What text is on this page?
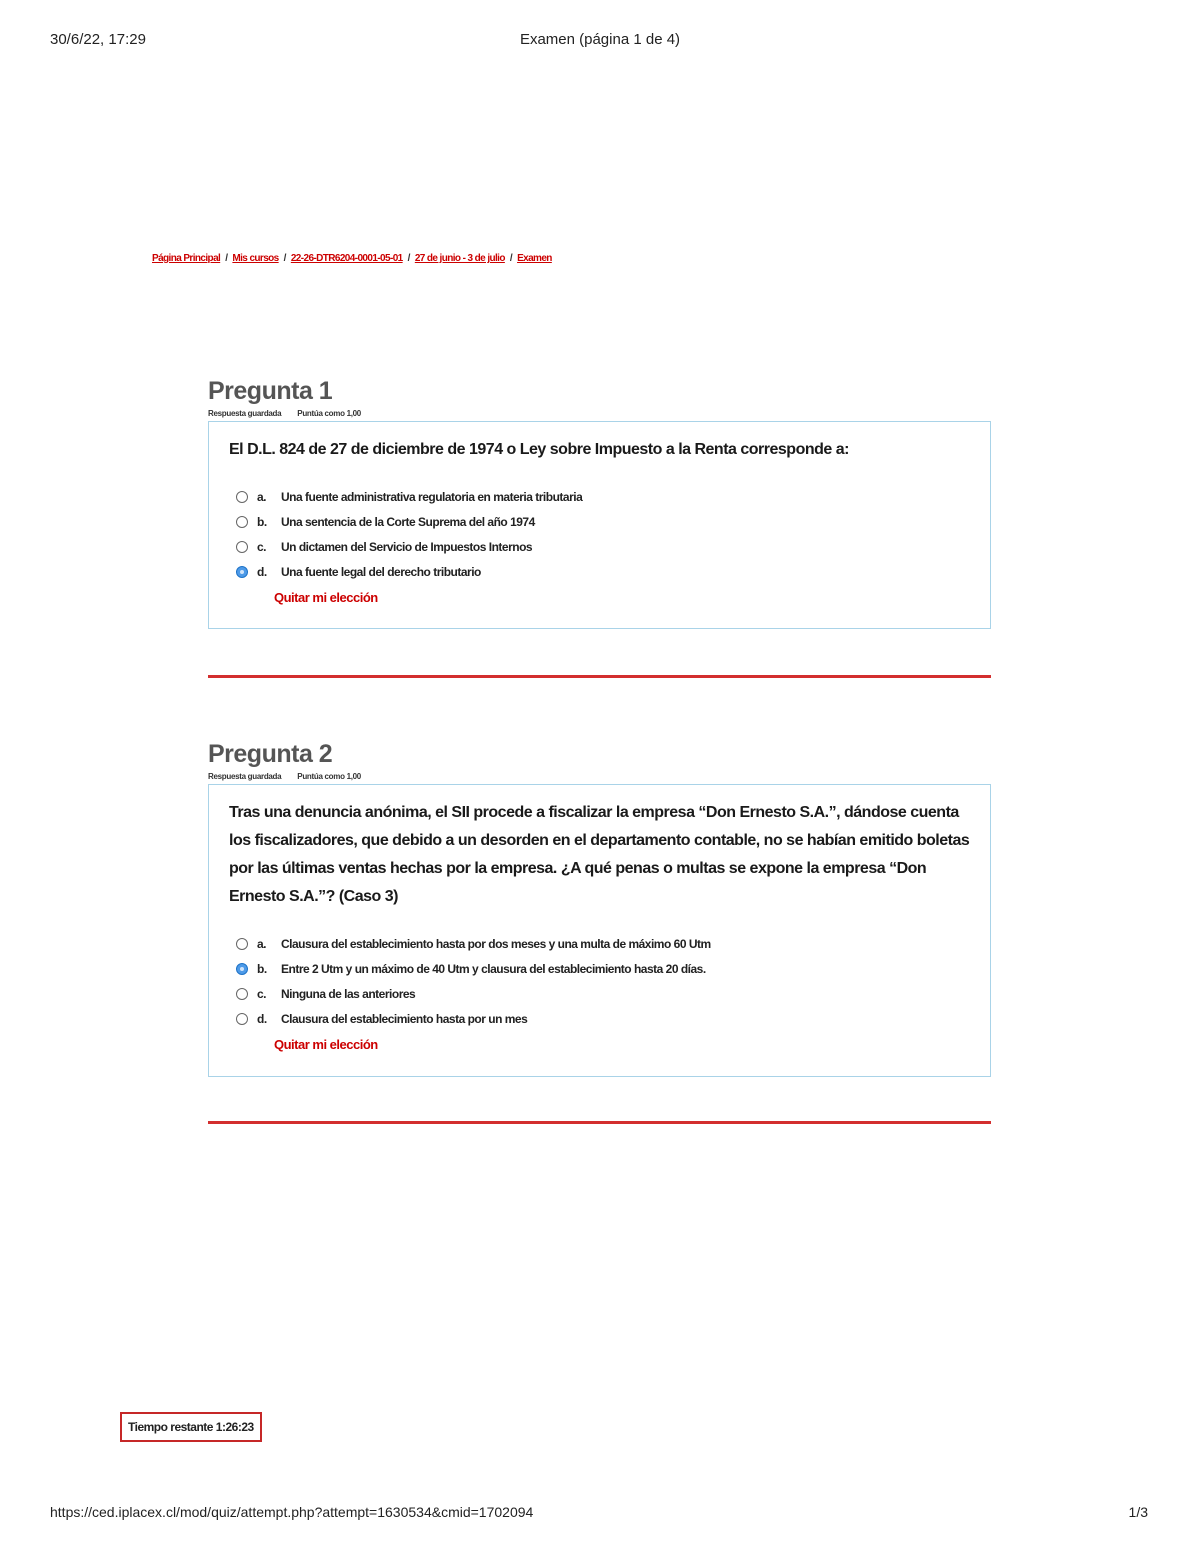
30/6/22, 17:29	Examen (página 1 de 4)
Página Principal / Mis cursos / 22-26-DTR6204-0001-05-01 / 27 de junio - 3 de julio / Examen
Pregunta 1
Respuesta guardada Puntúa como 1,00

El D.L. 824 de 27 de diciembre de 1974 o Ley sobre Impuesto a la Renta corresponde a:

a.	Una fuente administrativa regulatoria en materia tributaria
b.	Una sentencia de la Corte Suprema del año 1974
c.	Un dictamen del Servicio de Impuestos Internos
d.	Una fuente legal del derecho tributario
Quitar mi elección
Pregunta 2
Respuesta guardada Puntúa como 1,00

Tras una denuncia anónima, el SII procede a fiscalizar la empresa “Don Ernesto S.A.”, dándose cuenta los fiscalizadores, que debido a un desorden en el departamento contable, no se habían emitido boletas por las últimas ventas hechas por la empresa. ¿A qué penas o multas se expone la empresa “Don Ernesto S.A.”? (Caso 3)

a.	Clausura del establecimiento hasta por dos meses y una multa de máximo 60 Utm
b.	Entre 2 Utm y un máximo de 40 Utm y clausura del establecimiento hasta 20 días.
c.	Ninguna de las anteriores
d.	Clausura del establecimiento hasta por un mes
Quitar mi elección
Tiempo restante 1:26:23
https://ced.iplacex.cl/mod/quiz/attempt.php?attempt=1630534&cmid=1702094	1/3
